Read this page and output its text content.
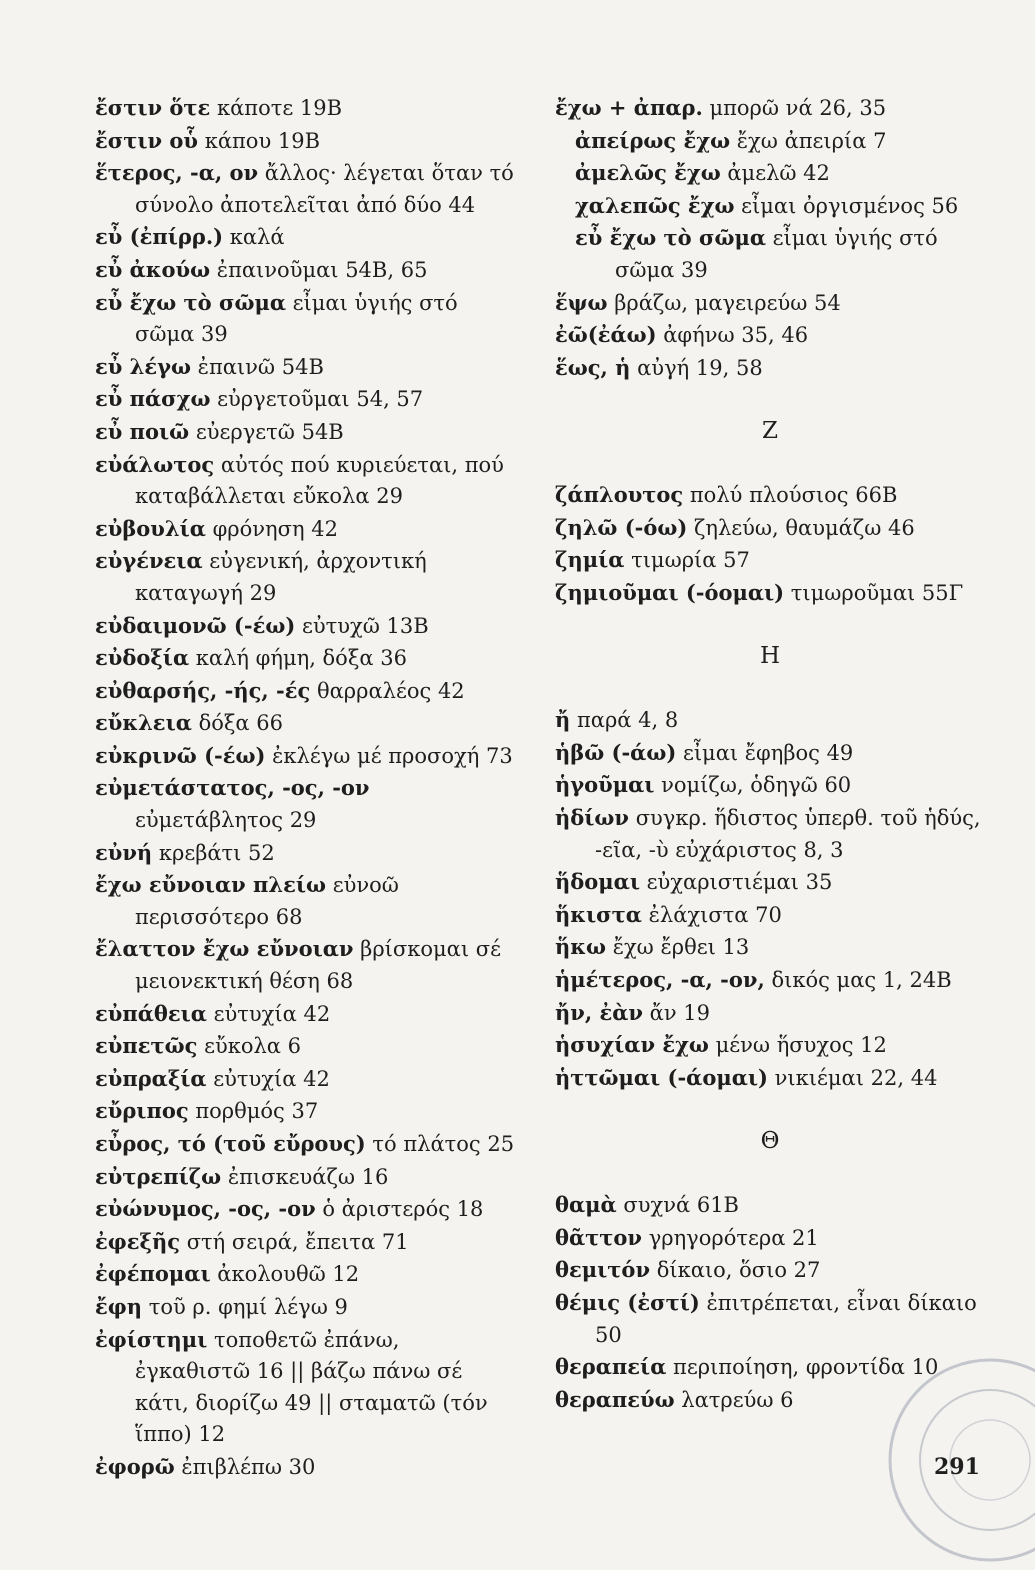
ἔστιν ὅτε κάποτε 19Β

ἔστιν οὗ κάπου 19Β

ἕτερος, -α, ον ἄλλος· λέγεται ὅταν τό σύνολο ἀποτελεῖται ἀπό δύο 44

εὖ (ἐπίρρ.) καλά

εὖ ἀκούω ἐπαινοῦμαι 54Β, 65

εὖ ἔχω τὸ σῶμα εἶμαι ὑγιής στό σῶμα 39

εὖ λέγω ἐπαινῶ 54Β

εὖ πάσχω εὐργετοῦμαι 54, 57

εὖ ποιῶ εὐεργετῶ 54Β

εὐάλωτος αὐτός πού κυριεύεται, πού καταβάλλεται εὔκολα 29

εὐβουλία φρόνηση 42

εὐγένεια εὐγενική, ἀρχοντική καταγωγή 29

εὐδαιμονῶ (-έω) εὐτυχῶ 13Β

εὐδοξία καλή φήμη, δόξα 36

εὐθαρσής, -ής, -ές θαρραλέος 42

εὔκλεια δόξα 66

εὐκρινῶ (-έω) ἐκλέγω μέ προσοχή 73

εὐμετάστατος, -ος, -ον εὐμετάβλητος 29

εὐνή κρεβάτι 52

ἔχω εὔνοιαν πλείω εὐνοῶ περισσότερο 68

ἔλαττον ἔχω εὔνοιαν βρίσκομαι σέ μειονεκτική θέση 68

εὐπάθεια εὐτυχία 42

εὐπετῶς εὔκολα 6

εὐπραξία εὐτυχία 42

εὔριπος πορθμός 37

εὖρος, τό (τοῦ εὔρους) τό πλάτος 25

εὐτρεπίζω ἐπισκευάζω 16

εὐώνυμος, -ος, -ον ὁ ἀριστερός 18

ἐφεξῆς στή σειρά, ἔπειτα 71

ἐφέπομαι ἀκολουθῶ 12

ἔφη τοῦ ρ. φημί λέγω 9

ἐφίστημι τοποθετῶ ἐπάνω, ἐγκαθιστῶ 16 || βάζω πάνω σέ κάτι, διορίζω 49 || σταματῶ (τόν ἵππο) 12

ἐφορῶ ἐπιβλέπω 30

ἔχω + ἀπαρ. μπορῶ νά 26, 35

ἀπείρως ἔχω ἔχω ἀπειρία 7

ἀμελῶς ἔχω ἀμελῶ 42

χαλεπῶς ἔχω εἶμαι ὀργισμένος 56

εὖ ἔχω τὸ σῶμα εἶμαι ὑγιής στό σῶμα 39

ἕψω βράζω, μαγειρεύω 54

ἐῶ(ἐάω) ἀφήνω 35, 46

ἕως, ἡ αὐγή 19, 58

Z

ζάπλουτος πολύ πλούσιος 66Β

ζηλῶ (-όω) ζηλεύω, θαυμάζω 46

ζημία τιμωρία 57

ζημιοῦμαι (-όομαι) τιμωροῦμαι 55Γ

H

ἤ παρά 4, 8

ἡβῶ (-άω) εἶμαι ἔφηβος 49

ἡγοῦμαι νομίζω, ὁδηγῶ 60

ἡδίων συγκρ. ἥδιστος ὑπερθ. τοῦ ἡδύς, -εῖα, -ὺ εὐχάριστος 8, 3

ἥδομαι εὐχαριστιέμαι 35

ἥκιστα ἐλάχιστα 70

ἥκω ἔχω ἔρθει 13

ἡμέτερος, -α, -ον, δικός μας 1, 24Β

ἤν, ἐὰν ἄν 19

ἡσυχίαν ἔχω μένω ἥσυχος 12

ἡττῶμαι (-άομαι) νικιέμαι 22, 44

Θ

θαμὰ συχνά 61Β

θᾶττον γρηγορότερα 21

θεμιτόν δίκαιο, ὅσιο 27

θέμις (ἐστί) ἐπιτρέπεται, εἶναι δίκαιο 50

θεραπεία περιποίηση, φροντίδα 10

θεραπεύω λατρεύω 6

291
